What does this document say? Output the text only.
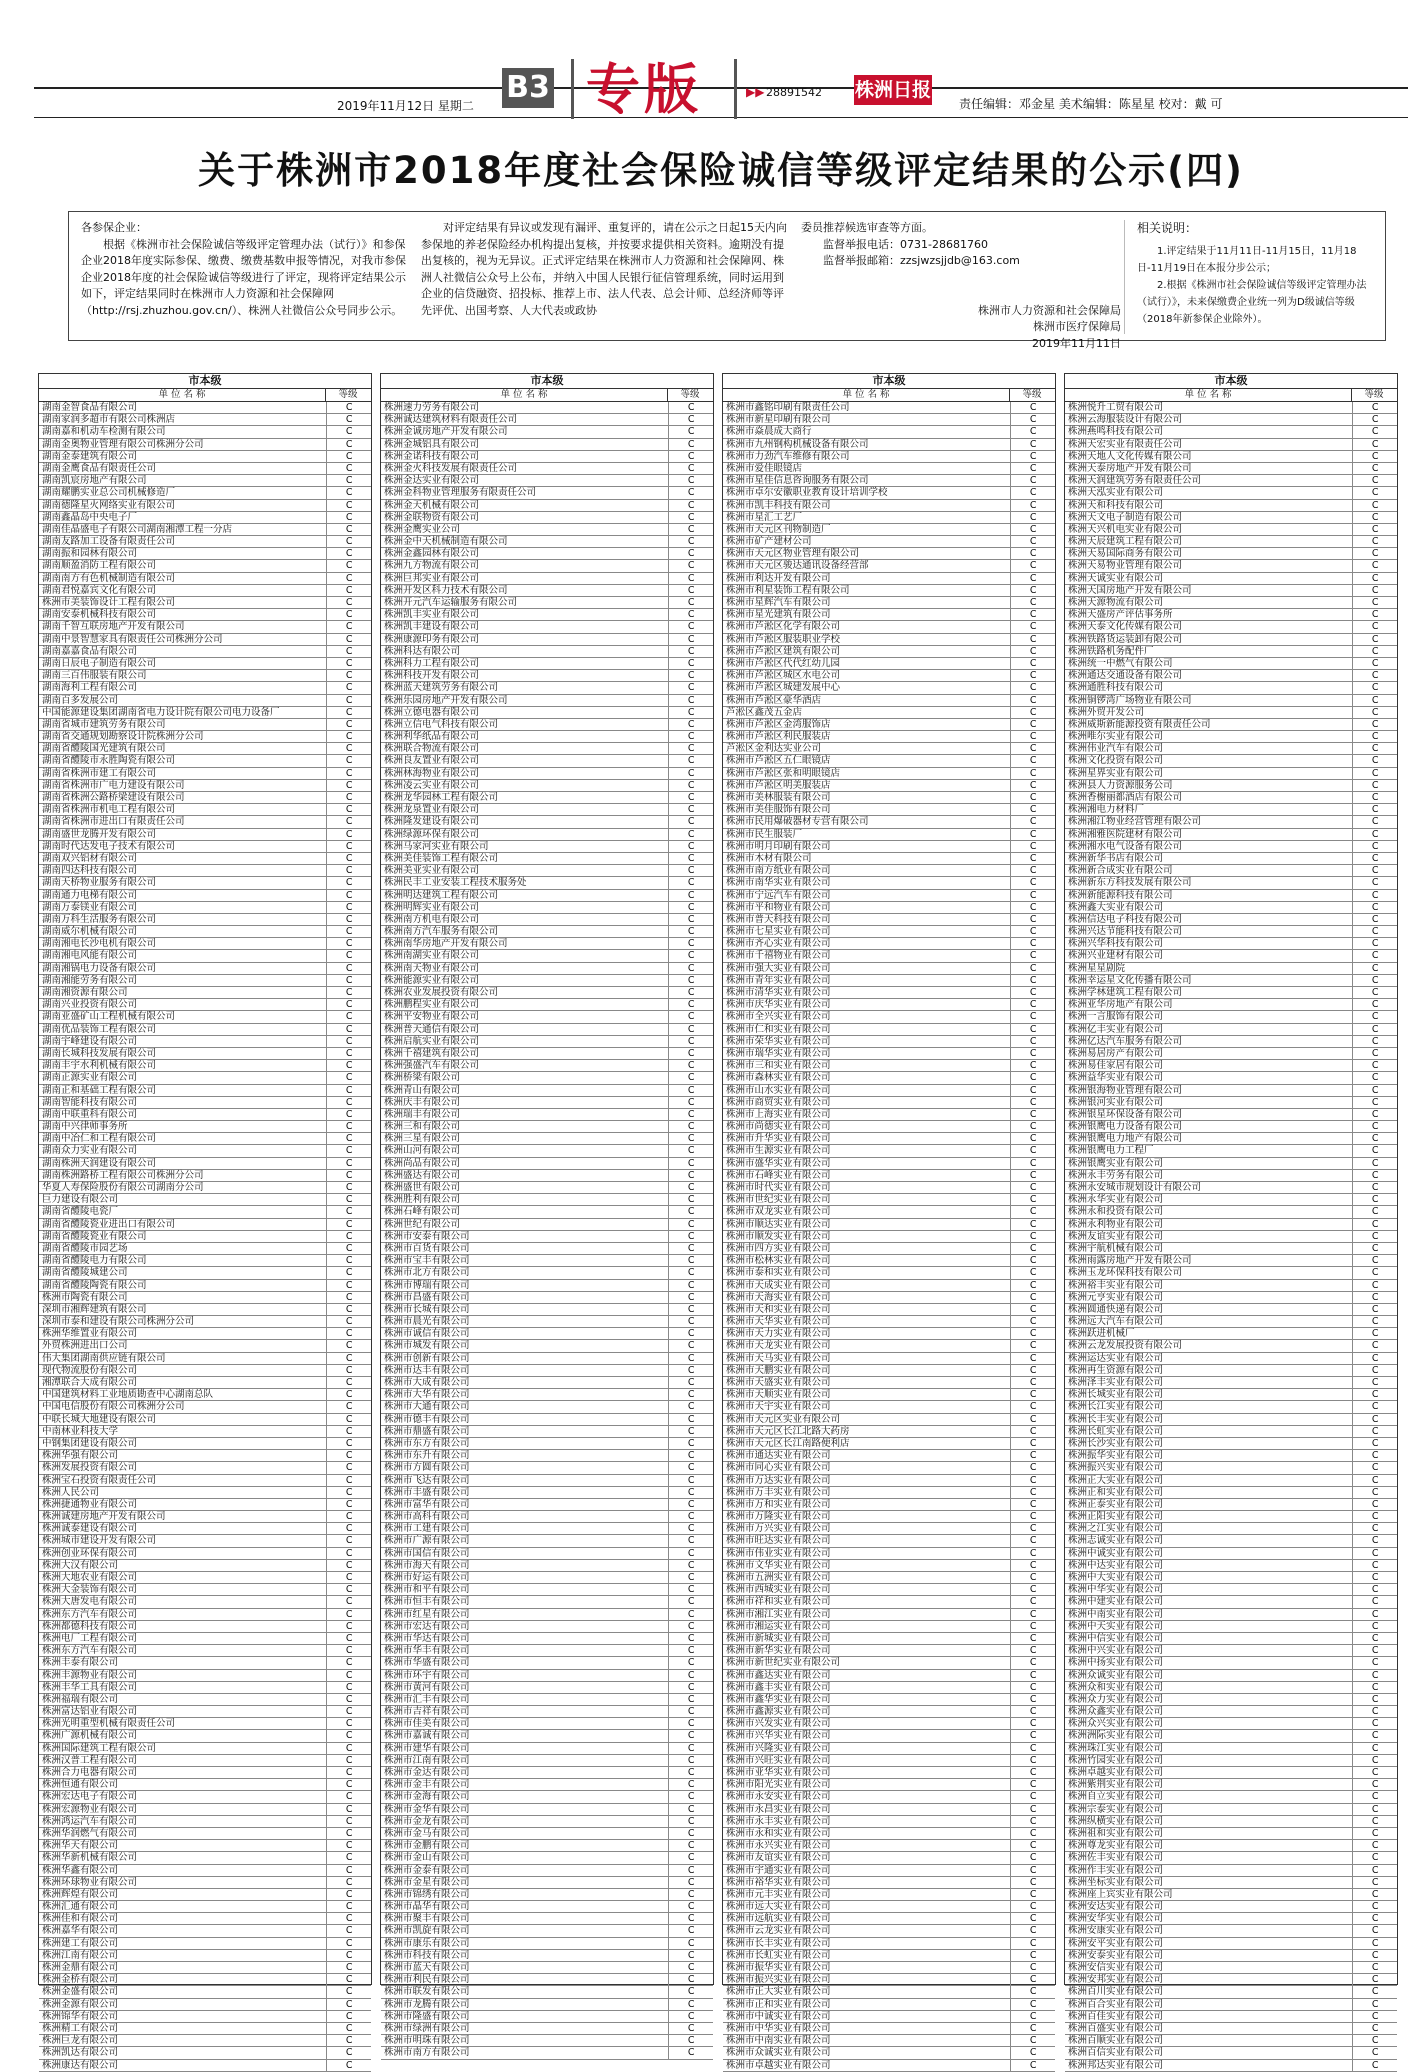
2019年11月12日 星期二
B3 专版	▶▶ 28891542 株洲日报
责任编辑：邓金星 美术编辑：陈星星 校对：戴 可
关于株洲市2018年度社会保险诚信等级评定结果的公示(四)

各参保企业：

根据《株洲市社会保险诚信等级评定管理办法（试行）》和参保企业2018年度实际参保、缴费、缴费基数申报等情况，对我市参保企业2018年度的社会保险诚信等级进行了评定，现将评定结果公示如下，评定结果同时在株洲市人力资源和社会保障网（http://rsj.zhuzhou.gov.cn/）、株洲人社微信公众号同步公示。

对评定结果有异议或发现有漏评、重复评的，请在公示之日起15天内向参保地的养老保险经办机构提出复核，并按要求提供相关资料。逾期没有提出复核的，视为无异议。正式评定结果在株洲市人力资源和社会保障网、株洲人社微信公众号上公布，并纳入中国人民银行征信管理系统，同时运用到企业的信贷融资、招投标、推荐上市、法人代表、总会计师、总经济师等评先评优、出国考察、人大代表或政协

委员推荐候选审查等方面。

监督举报电话：0731-28681760

监督举报邮箱：zzsjwzsjjdb@163.com

株洲市人力资源和社会保障局

株洲市医疗保障局

2019年11月11日

相关说明：

1.评定结果于11月11日-11月15日，11月18日-11月19日在本报分步公示；

2.根据《株洲市社会保险诚信等级评定管理办法（试行）》，未来保缴费企业统一列为D级诚信等级（2018年新参保企业除外）。

市本级
单 位 名 称	等级
湖南金智食品有限公司	C
湖南家润多超市有限公司株洲店	C
湖南嘉和机动车检测有限公司	C
湖南金奥物业管理有限公司株洲分公司	C
湖南金泰建筑有限公司	C
湖南金鹰食品有限责任公司	C
湖南凯宸房地产有限公司	C
湖南耀鹏实业总公司机械修造厂	C
湖南德隆星火网络实业有限公司	C
湖南鑫晶岛中央电子厂	C
湖南佳晶盛电子有限公司湖南湘潭工程一分店	C
湖南友路加工设备有限责任公司	C
湖南振和园林有限公司	C
湖南顺盈消防工程有限公司	C
湖南南方有色机械制造有限公司	C
湖南君悦嘉宾文化有限公司	C
株洲市美装饰设计工程有限公司	C
湖南安泰机械科技有限公司	C
湖南千智互联房地产开发有限公司	C
湖南中景智慧家具有限责任公司株洲分公司	C
湖南嘉嘉食品有限公司	C
湖南日辰电子制造有限公司	C
湖南三百伟服装有限公司	C
湖南海利工程有限公司	C
湖南百多发展公司	C
中国能源建设集团湖南省电力设计院有限公司电力设备厂	C
湖南省城市建筑劳务有限公司	C
湖南省交通规划勘察设计院株洲分公司	C
湖南省醴陵国光建筑有限公司	C
湖南省醴陵市永胜陶瓷有限公司	C
湖南省株洲市建工有限公司	C
湖南省株洲市广电力建设有限公司	C
湖南省株洲公路桥梁建设有限公司	C
湖南省株洲市机电工程有限公司	C
湖南省株洲市进出口有限责任公司	C
湖南盛世龙腾开发有限公司	C
湖南时代达发电子技术有限公司	C
湖南双兴铝材有限公司	C
湖南四达科技有限公司	C
湖南天桥物业服务有限公司	C
湖南通力电梯有限公司	C
湖南万泰镁业有限公司	C
湖南万科生活服务有限公司	C
湖南威尔机械有限公司	C
湖南湘电长沙电机有限公司	C
湖南湘电风能有限公司	C
湖南湘锅电力设备有限公司	C
湖南湘能劳务有限公司	C
湖南湘资源有限公司	C
湖南兴业投资有限公司	C
湖南亚盛矿山工程机械有限公司	C
湖南优品装饰工程有限公司	C
湖南宇峰建设有限公司	C
湖南长城科技发展有限公司	C
湖南丰宇水利机械有限公司	C
湖南正源实业有限公司	C
湖南正和基础工程有限公司	C
湖南智能科技有限公司	C
湖南中联重科有限公司	C
湖南中兴律师事务所	C
湖南中冶仁和工程有限公司	C
湖南众力实业有限公司	C
湖南株洲天润建设有限公司	C
湖南株洲路桥工程有限公司株洲分公司	C
华夏人寿保险股份有限公司湖南分公司	C
巨力建设有限公司	C
湖南省醴陵电瓷厂	C
湖南省醴陵瓷业进出口有限公司	C
湖南省醴陵瓷业有限公司	C
湖南省醴陵市园艺场	C
湖南省醴陵电力有限公司	C
湖南省醴陵城建公司	C
湖南省醴陵陶瓷有限公司	C
株洲市陶瓷有限公司	C
深圳市湘辉建筑有限公司	C
深圳市泰和建设有限公司株洲分公司	C
株洲华维置业有限公司	C
外贸株洲进出口公司	C
伟大集团湖南供应链有限公司	C
现代物流股份有限公司	C
湘潭联合大成有限公司	C
中国建筑材料工业地质勘查中心湖南总队	C
中国电信股份有限公司株洲分公司	C
中联长城大地建设有限公司	C
中南林业科技大学	C
中钢集团建设有限公司	C
株洲华强有限公司	C
株洲发展投资有限公司	C
株洲宝石投资有限责任公司	C
株洲人民公司	C
株洲捷通物业有限公司	C
株洲诚建房地产开发有限公司	C
株洲诚泰建设有限公司	C
株洲城市建设开发有限公司	C
株洲创业环保有限公司	C
株洲大汉有限公司	C
株洲大地农业有限公司	C
株洲大金装饰有限公司	C
株洲大唐发电有限公司	C
株洲东方汽车有限公司	C
株洲都德科技有限公司	C
株洲电厂工程有限公司	C
株洲东方汽车有限公司	C
株洲丰泰有限公司	C
株洲丰源物业有限公司	C
株洲丰华工具有限公司	C
株洲福瑞有限公司	C
株洲富达铝业有限公司	C
株洲光明重型机械有限责任公司	C
株洲广源机械有限公司	C
株洲国际建筑工程有限公司	C
株洲汉普工程有限公司	C
株洲合力电器有限公司	C
株洲恒通有限公司	C
株洲宏达电子有限公司	C
株洲宏源物业有限公司	C
株洲鸿运汽车有限公司	C
株洲华润燃气有限公司	C
株洲华天有限公司	C
株洲华新机械有限公司	C
株洲华鑫有限公司	C
株洲环球物业有限公司	C
株洲辉煌有限公司	C
株洲汇通有限公司	C
株洲佳和有限公司	C
株洲嘉华有限公司	C
株洲建工有限公司	C
株洲江南有限公司	C
株洲金鼎有限公司	C
株洲金桥有限公司	C
株洲金盛有限公司	C
株洲金源有限公司	C
株洲锦华有限公司	C
株洲精工有限公司	C
株洲巨龙有限公司	C
株洲凯达有限公司	C
株洲康达有限公司	C
市本级
单 位 名 称	等级
株洲速力劳务有限公司	C
株洲诚达建筑材料有限责任公司	C
株洲金诚房地产开发有限公司	C
株洲金城铝具有限公司	C
株洲金诺科技有限公司	C
株洲金火科技发展有限责任公司	C
株洲金达实业有限公司	C
株洲金科物业管理服务有限责任公司	C
株洲金天机械有限公司	C
株洲金联物资有限公司	C
株洲金鹰实业公司	C
株洲金中天机械制造有限公司	C
株洲金鑫园林有限公司	C
株洲九方物流有限公司	C
株洲巨邦实业有限公司	C
株洲开发区科力技术有限公司	C
株洲开元汽车运输服务有限公司	C
株洲凯丰实业有限公司	C
株洲凯丰建设有限公司	C
株洲康源印务有限公司	C
株洲科达有限公司	C
株洲科力工程有限公司	C
株洲科技开发有限公司	C
株洲蓝天建筑劳务有限公司	C
株洲乐园房地产开发有限公司	C
株洲立德电器有限公司	C
株洲立信电气科技有限公司	C
株洲利华纸品有限公司	C
株洲联合物流有限公司	C
株洲良友置业有限公司	C
株洲林海物业有限公司	C
株洲凌云实业有限公司	C
株洲龙华园林工程有限公司	C
株洲龙泉置业有限公司	C
株洲隆发建设有限公司	C
株洲绿源环保有限公司	C
株洲马家河实业有限公司	C
株洲美佳装饰工程有限公司	C
株洲美亚实业有限公司	C
株洲民丰工业安装工程技术服务处	C
株洲明达建筑工程有限公司	C
株洲明辉实业有限公司	C
株洲南方机电有限公司	C
株洲南方汽车服务有限公司	C
株洲南华房地产开发有限公司	C
株洲南湖实业有限公司	C
株洲南天物业有限公司	C
株洲能源实业有限公司	C
株洲农业发展投资有限公司	C
株洲鹏程实业有限公司	C
株洲平安物业有限公司	C
株洲普天通信有限公司	C
株洲启航实业有限公司	C
株洲千禧建筑有限公司	C
株洲强盛汽车有限公司	C
株洲桥梁有限公司	C
株洲青山有限公司	C
株洲庆丰有限公司	C
株洲瑞丰有限公司	C
株洲三和有限公司	C
株洲三星有限公司	C
株洲山河有限公司	C
株洲尚品有限公司	C
株洲盛达有限公司	C
株洲盛世有限公司	C
株洲胜利有限公司	C
株洲石峰有限公司	C
株洲世纪有限公司	C
株洲市安泰有限公司	C
株洲市百货有限公司	C
株洲市宝丰有限公司	C
株洲市北方有限公司	C
株洲市博瑞有限公司	C
株洲市昌盛有限公司	C
株洲市长城有限公司	C
株洲市晨光有限公司	C
株洲市诚信有限公司	C
株洲市城发有限公司	C
株洲市创新有限公司	C
株洲市达丰有限公司	C
株洲市大成有限公司	C
株洲市大华有限公司	C
株洲市大通有限公司	C
株洲市德丰有限公司	C
株洲市鼎盛有限公司	C
株洲市东方有限公司	C
株洲市东升有限公司	C
株洲市方圆有限公司	C
株洲市飞达有限公司	C
株洲市丰盛有限公司	C
株洲市富华有限公司	C
株洲市高科有限公司	C
株洲市工建有限公司	C
株洲市广源有限公司	C
株洲市国信有限公司	C
株洲市海天有限公司	C
株洲市好运有限公司	C
株洲市和平有限公司	C
株洲市恒丰有限公司	C
株洲市红星有限公司	C
株洲市宏达有限公司	C
株洲市华达有限公司	C
株洲市华丰有限公司	C
株洲市华盛有限公司	C
株洲市环宇有限公司	C
株洲市黄河有限公司	C
株洲市汇丰有限公司	C
株洲市吉祥有限公司	C
株洲市佳美有限公司	C
株洲市嘉诚有限公司	C
株洲市建华有限公司	C
株洲市江南有限公司	C
株洲市金达有限公司	C
株洲市金丰有限公司	C
株洲市金海有限公司	C
株洲市金华有限公司	C
株洲市金龙有限公司	C
株洲市金马有限公司	C
株洲市金鹏有限公司	C
株洲市金山有限公司	C
株洲市金泰有限公司	C
株洲市金星有限公司	C
株洲市锦绣有限公司	C
株洲市晶华有限公司	C
株洲市聚丰有限公司	C
株洲市凯旋有限公司	C
株洲市康乐有限公司	C
株洲市科技有限公司	C
株洲市蓝天有限公司	C
株洲市利民有限公司	C
株洲市联发有限公司	C
株洲市龙腾有限公司	C
株洲市隆盛有限公司	C
株洲市绿洲有限公司	C
株洲市明珠有限公司	C
株洲市南方有限公司	C
市本级
单 位 名 称	等级
株洲市鑫铭印刷有限责任公司	C
株洲市新星印刷有限公司	C
株洲市焱晨成大商行	C
株洲市九州钢构机械设备有限公司	C
株洲市力劲汽车维修有限公司	C
株洲市爱佳眼镜店	C
株洲市星佳信息咨询服务有限公司	C
株洲市卓尔安徽职业教育设计培训学校	C
株洲市凯丰科技有限公司	C
株洲市星汇工艺厂	C
株洲市天元区刊物制造厂	C
株洲市矿产建材公司	C
株洲市天元区物业管理有限公司	C
株洲市天元区骏达通讯设备经营部	C
株洲市利达开发有限公司	C
株洲市利星装饰工程有限公司	C
株洲市星辉汽车有限公司	C
株洲市星光建筑有限公司	C
株洲市芦淞区化学有限公司	C
株洲市芦淞区服装职业学校	C
株洲市芦淞区建筑有限公司	C
株洲市芦淞区代代红幼儿园	C
株洲市芦淞区城区水电公司	C
株洲市芦淞区城建发展中心	C
株洲市芦淞区豪华酒店	C
芦淞区鑫茂五金店	C
株洲市芦淞区金湾服饰店	C
株洲市芦淞区利民服装店	C
芦淞区金利达实业公司	C
株洲市芦淞区五仁眼镜店	C
株洲市芦淞区张和明眼镜店	C
株洲市芦淞区明美服装店	C
株洲市美林服装有限公司	C
株洲市美佳服饰有限公司	C
株洲市民用爆破器材专营有限公司	C
株洲市民生服装厂	C
株洲市明月印刷有限公司	C
株洲市木材有限公司	C
株洲市南方纸业有限公司	C
株洲市南华实业有限公司	C
株洲市宁远汽车有限公司	C
株洲市平和物业有限公司	C
株洲市普天科技有限公司	C
株洲市七星实业有限公司	C
株洲市齐心实业有限公司	C
株洲市千禧物业有限公司	C
株洲市强大实业有限公司	C
株洲市青年实业有限公司	C
株洲市清华实业有限公司	C
株洲市庆华实业有限公司	C
株洲市全兴实业有限公司	C
株洲市仁和实业有限公司	C
株洲市荣华实业有限公司	C
株洲市瑞华实业有限公司	C
株洲市三和实业有限公司	C
株洲市森林实业有限公司	C
株洲市山水实业有限公司	C
株洲市商贸实业有限公司	C
株洲市上海实业有限公司	C
株洲市尚德实业有限公司	C
株洲市升华实业有限公司	C
株洲市生源实业有限公司	C
株洲市盛华实业有限公司	C
株洲市石峰实业有限公司	C
株洲市时代实业有限公司	C
株洲市世纪实业有限公司	C
株洲市双龙实业有限公司	C
株洲市顺达实业有限公司	C
株洲市顺发实业有限公司	C
株洲市四方实业有限公司	C
株洲市松林实业有限公司	C
株洲市泰和实业有限公司	C
株洲市天成实业有限公司	C
株洲市天海实业有限公司	C
株洲市天和实业有限公司	C
株洲市天华实业有限公司	C
株洲市天力实业有限公司	C
株洲市天龙实业有限公司	C
株洲市天马实业有限公司	C
株洲市天鹏实业有限公司	C
株洲市天盛实业有限公司	C
株洲市天顺实业有限公司	C
株洲市天宇实业有限公司	C
株洲市天元区实业有限公司	C
株洲市天元区长江北路大药房	C
株洲市天元区长江南路便利店	C
株洲市通达实业有限公司	C
株洲市同心实业有限公司	C
株洲市万达实业有限公司	C
株洲市万丰实业有限公司	C
株洲市万和实业有限公司	C
株洲市万隆实业有限公司	C
株洲市万兴实业有限公司	C
株洲市旺达实业有限公司	C
株洲市伟业实业有限公司	C
株洲市文华实业有限公司	C
株洲市五洲实业有限公司	C
株洲市西城实业有限公司	C
株洲市祥和实业有限公司	C
株洲市湘江实业有限公司	C
株洲市湘运实业有限公司	C
株洲市新城实业有限公司	C
株洲市新华实业有限公司	C
株洲市新世纪实业有限公司	C
株洲市鑫达实业有限公司	C
株洲市鑫丰实业有限公司	C
株洲市鑫华实业有限公司	C
株洲市鑫源实业有限公司	C
株洲市兴发实业有限公司	C
株洲市兴华实业有限公司	C
株洲市兴隆实业有限公司	C
株洲市兴旺实业有限公司	C
株洲市亚华实业有限公司	C
株洲市阳光实业有限公司	C
株洲市永安实业有限公司	C
株洲市永昌实业有限公司	C
株洲市永丰实业有限公司	C
株洲市永和实业有限公司	C
株洲市永兴实业有限公司	C
株洲市友谊实业有限公司	C
株洲市宇通实业有限公司	C
株洲市裕华实业有限公司	C
株洲市元丰实业有限公司	C
株洲市远大实业有限公司	C
株洲市远航实业有限公司	C
株洲市云龙实业有限公司	C
株洲市长丰实业有限公司	C
株洲市长虹实业有限公司	C
株洲市振华实业有限公司	C
株洲市振兴实业有限公司	C
株洲市正大实业有限公司	C
株洲市正和实业有限公司	C
株洲市中诚实业有限公司	C
株洲市中华实业有限公司	C
株洲市中南实业有限公司	C
株洲市众诚实业有限公司	C
株洲市卓越实业有限公司	C
市本级
单 位 名 称	等级
株洲悦升工贸有限公司	C
株洲云海服装设计有限公司	C
株洲燕鸣科技有限公司	C
株洲天宏实业有限责任公司	C
株洲天地人文化传媒有限公司	C
株洲天泰房地产开发有限公司	C
株洲天润建筑劳务有限责任公司	C
株洲天泓实业有限公司	C
株洲天和科技有限公司	C
株洲天文电子制造有限公司	C
株洲天兴机电实业有限公司	C
株洲天辰建筑工程有限公司	C
株洲天易国际商务有限公司	C
株洲天易物业管理有限公司	C
株洲天诚实业有限公司	C
株洲天国房地产开发有限公司	C
株洲天源物流有限公司	C
株洲天盛房产评估事务所	C
株洲天泰文化传媒有限公司	C
株洲铁路货运装卸有限公司	C
株洲铁路机务配件厂	C
株洲统一中燃气有限公司	C
株洲通达交通设备有限公司	C
株洲通胜科技有限公司	C
株洲铜锣湾广场物业有限公司	C
株洲外贸开发公司	C
株洲威斯新能源投资有限责任公司	C
株洲唯尔实业有限公司	C
株洲伟业汽车有限公司	C
株洲文化投资有限公司	C
株洲星界实业有限公司	C
株洲县人力资源服务公司	C
株洲香榭丽都酒店有限公司	C
株洲湘电力材料厂	C
株洲湘江物业经营管理有限公司	C
株洲湘雅医院建材有限公司	C
株洲湘水电气设备有限公司	C
株洲新华书店有限公司	C
株洲新合成实业有限公司	C
株洲新东方科技发展有限公司	C
株洲新能源科技有限公司	C
株洲鑫大实业有限公司	C
株洲信达电子科技有限公司	C
株洲兴达节能科技有限公司	C
株洲兴华科技有限公司	C
株洲兴业建材有限公司	C
株洲星星剧院	C
株洲幸运星文化传播有限公司	C
株洲学林建筑工程有限公司	C
株洲亚华房地产有限公司	C
株洲一言服饰有限公司	C
株洲亿丰实业有限公司	C
株洲亿达汽车服务有限公司	C
株洲易居房产有限公司	C
株洲易佳家居有限公司	C
株洲益华实业有限公司	C
株洲银海物业管理有限公司	C
株洲银河实业有限公司	C
株洲银星环保设备有限公司	C
株洲银鹰电力设备有限公司	C
株洲银鹰电力地产有限公司	C
株洲银鹰电力工程厂	C
株洲银鹰实业有限公司	C
株洲永丰劳务有限公司	C
株洲永安城市规划设计有限公司	C
株洲永华实业有限公司	C
株洲永和投资有限公司	C
株洲永利物业有限公司	C
株洲友谊实业有限公司	C
株洲宇航机械有限公司	C
株洲雨露房地产开发有限公司	C
株洲玉龙环保科技有限公司	C
株洲裕丰实业有限公司	C
株洲元亨实业有限公司	C
株洲圆通快递有限公司	C
株洲远大汽车有限公司	C
株洲跃进机械厂	C
株洲云龙发展投资有限公司	C
株洲运达实业有限公司	C
株洲再生资源有限公司	C
株洲泽丰实业有限公司	C
株洲长城实业有限公司	C
株洲长江实业有限公司	C
株洲长丰实业有限公司	C
株洲长虹实业有限公司	C
株洲长沙实业有限公司	C
株洲振华实业有限公司	C
株洲振兴实业有限公司	C
株洲正大实业有限公司	C
株洲正和实业有限公司	C
株洲正泰实业有限公司	C
株洲正阳实业有限公司	C
株洲之江实业有限公司	C
株洲志诚实业有限公司	C
株洲中诚实业有限公司	C
株洲中达实业有限公司	C
株洲中大实业有限公司	C
株洲中华实业有限公司	C
株洲中建实业有限公司	C
株洲中南实业有限公司	C
株洲中天实业有限公司	C
株洲中信实业有限公司	C
株洲中兴实业有限公司	C
株洲中扬实业有限公司	C
株洲众诚实业有限公司	C
株洲众和实业有限公司	C
株洲众力实业有限公司	C
株洲众鑫实业有限公司	C
株洲众兴实业有限公司	C
株洲洲际实业有限公司	C
株洲珠江实业有限公司	C
株洲竹园实业有限公司	C
株洲卓越实业有限公司	C
株洲紫荆实业有限公司	C
株洲自立实业有限公司	C
株洲宗泰实业有限公司	C
株洲纵横实业有限公司	C
株洲祖和实业有限公司	C
株洲尊龙实业有限公司	C
株洲佐丰实业有限公司	C
株洲作丰实业有限公司	C
株洲坐标实业有限公司	C
株洲座上宾实业有限公司	C
株洲安达实业有限公司	C
株洲安华实业有限公司	C
株洲安康实业有限公司	C
株洲安平实业有限公司	C
株洲安泰实业有限公司	C
株洲安信实业有限公司	C
株洲安邦实业有限公司	C
株洲百川实业有限公司	C
株洲百合实业有限公司	C
株洲百佳实业有限公司	C
株洲百盛实业有限公司	C
株洲百顺实业有限公司	C
株洲百信实业有限公司	C
株洲邦达实业有限公司	C
